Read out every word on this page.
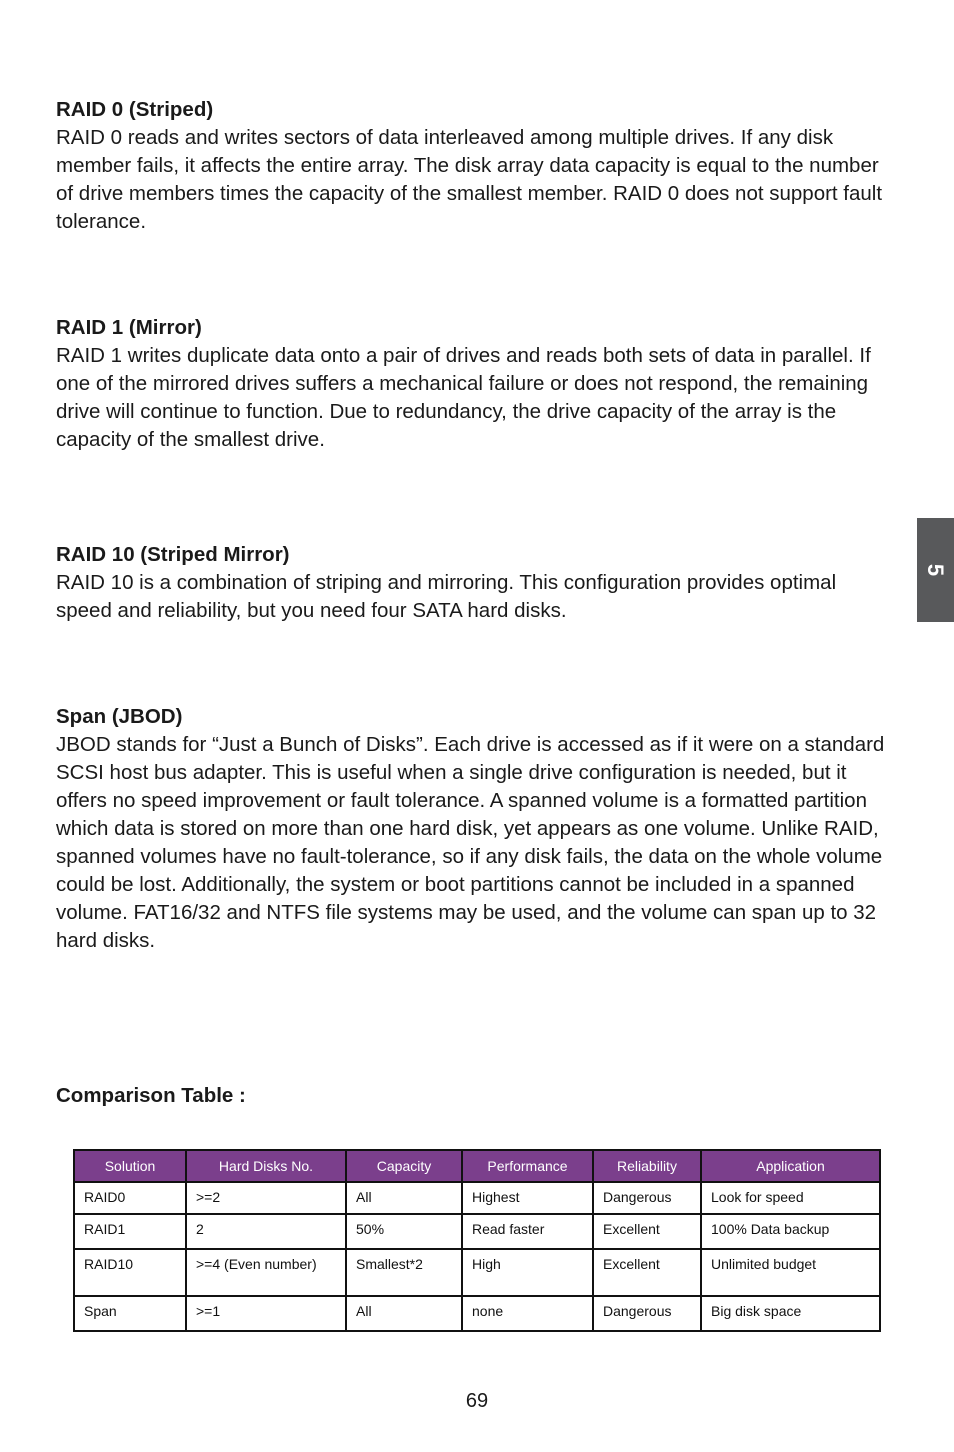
RAID 0 (Striped)

RAID 0 reads and writes sectors of data interleaved among multiple drives. If any disk member fails, it affects the entire array. The disk array data capacity is equal to the number of drive members times the capacity of the smallest member. RAID 0 does not support fault tolerance.

RAID 1 (Mirror)

RAID 1 writes duplicate data onto a pair of drives and reads both sets of data in parallel. If one of the mirrored drives suffers a mechanical failure or does not respond, the remaining drive will continue to function. Due to redundancy, the drive capacity of the array is the capacity of the smallest drive.

RAID 10 (Striped Mirror)

RAID 10 is a combination of striping and mirroring. This configuration provides optimal speed and reliability, but you need four SATA hard disks.

Span (JBOD)

JBOD stands for “Just a Bunch of Disks”. Each drive is accessed as if it were on a standard SCSI host bus adapter. This is useful when a single drive configuration is needed, but it offers no speed improvement or fault tolerance. A spanned volume is a formatted partition which data is stored on more than one hard disk, yet appears as one volume. Unlike RAID, spanned volumes have no fault-tolerance, so if any disk fails, the data on the whole volume could be lost. Additionally, the system or boot partitions cannot be included in a spanned volume. FAT16/32 and NTFS file systems may be used, and the volume can span up to 32 hard disks.

Comparison Table :
Solution	Hard Disks No.	Capacity	Performance	Reliability	Application
RAID0	>=2	All	Highest	Dangerous	Look for speed
RAID1	2	50%	Read faster	Excellent	100% Data backup
RAID10	>=4 (Even number)	Smallest*2	High	Excellent	Unlimited budget
Span	>=1	All	none	Dangerous	Big disk space
5
69
